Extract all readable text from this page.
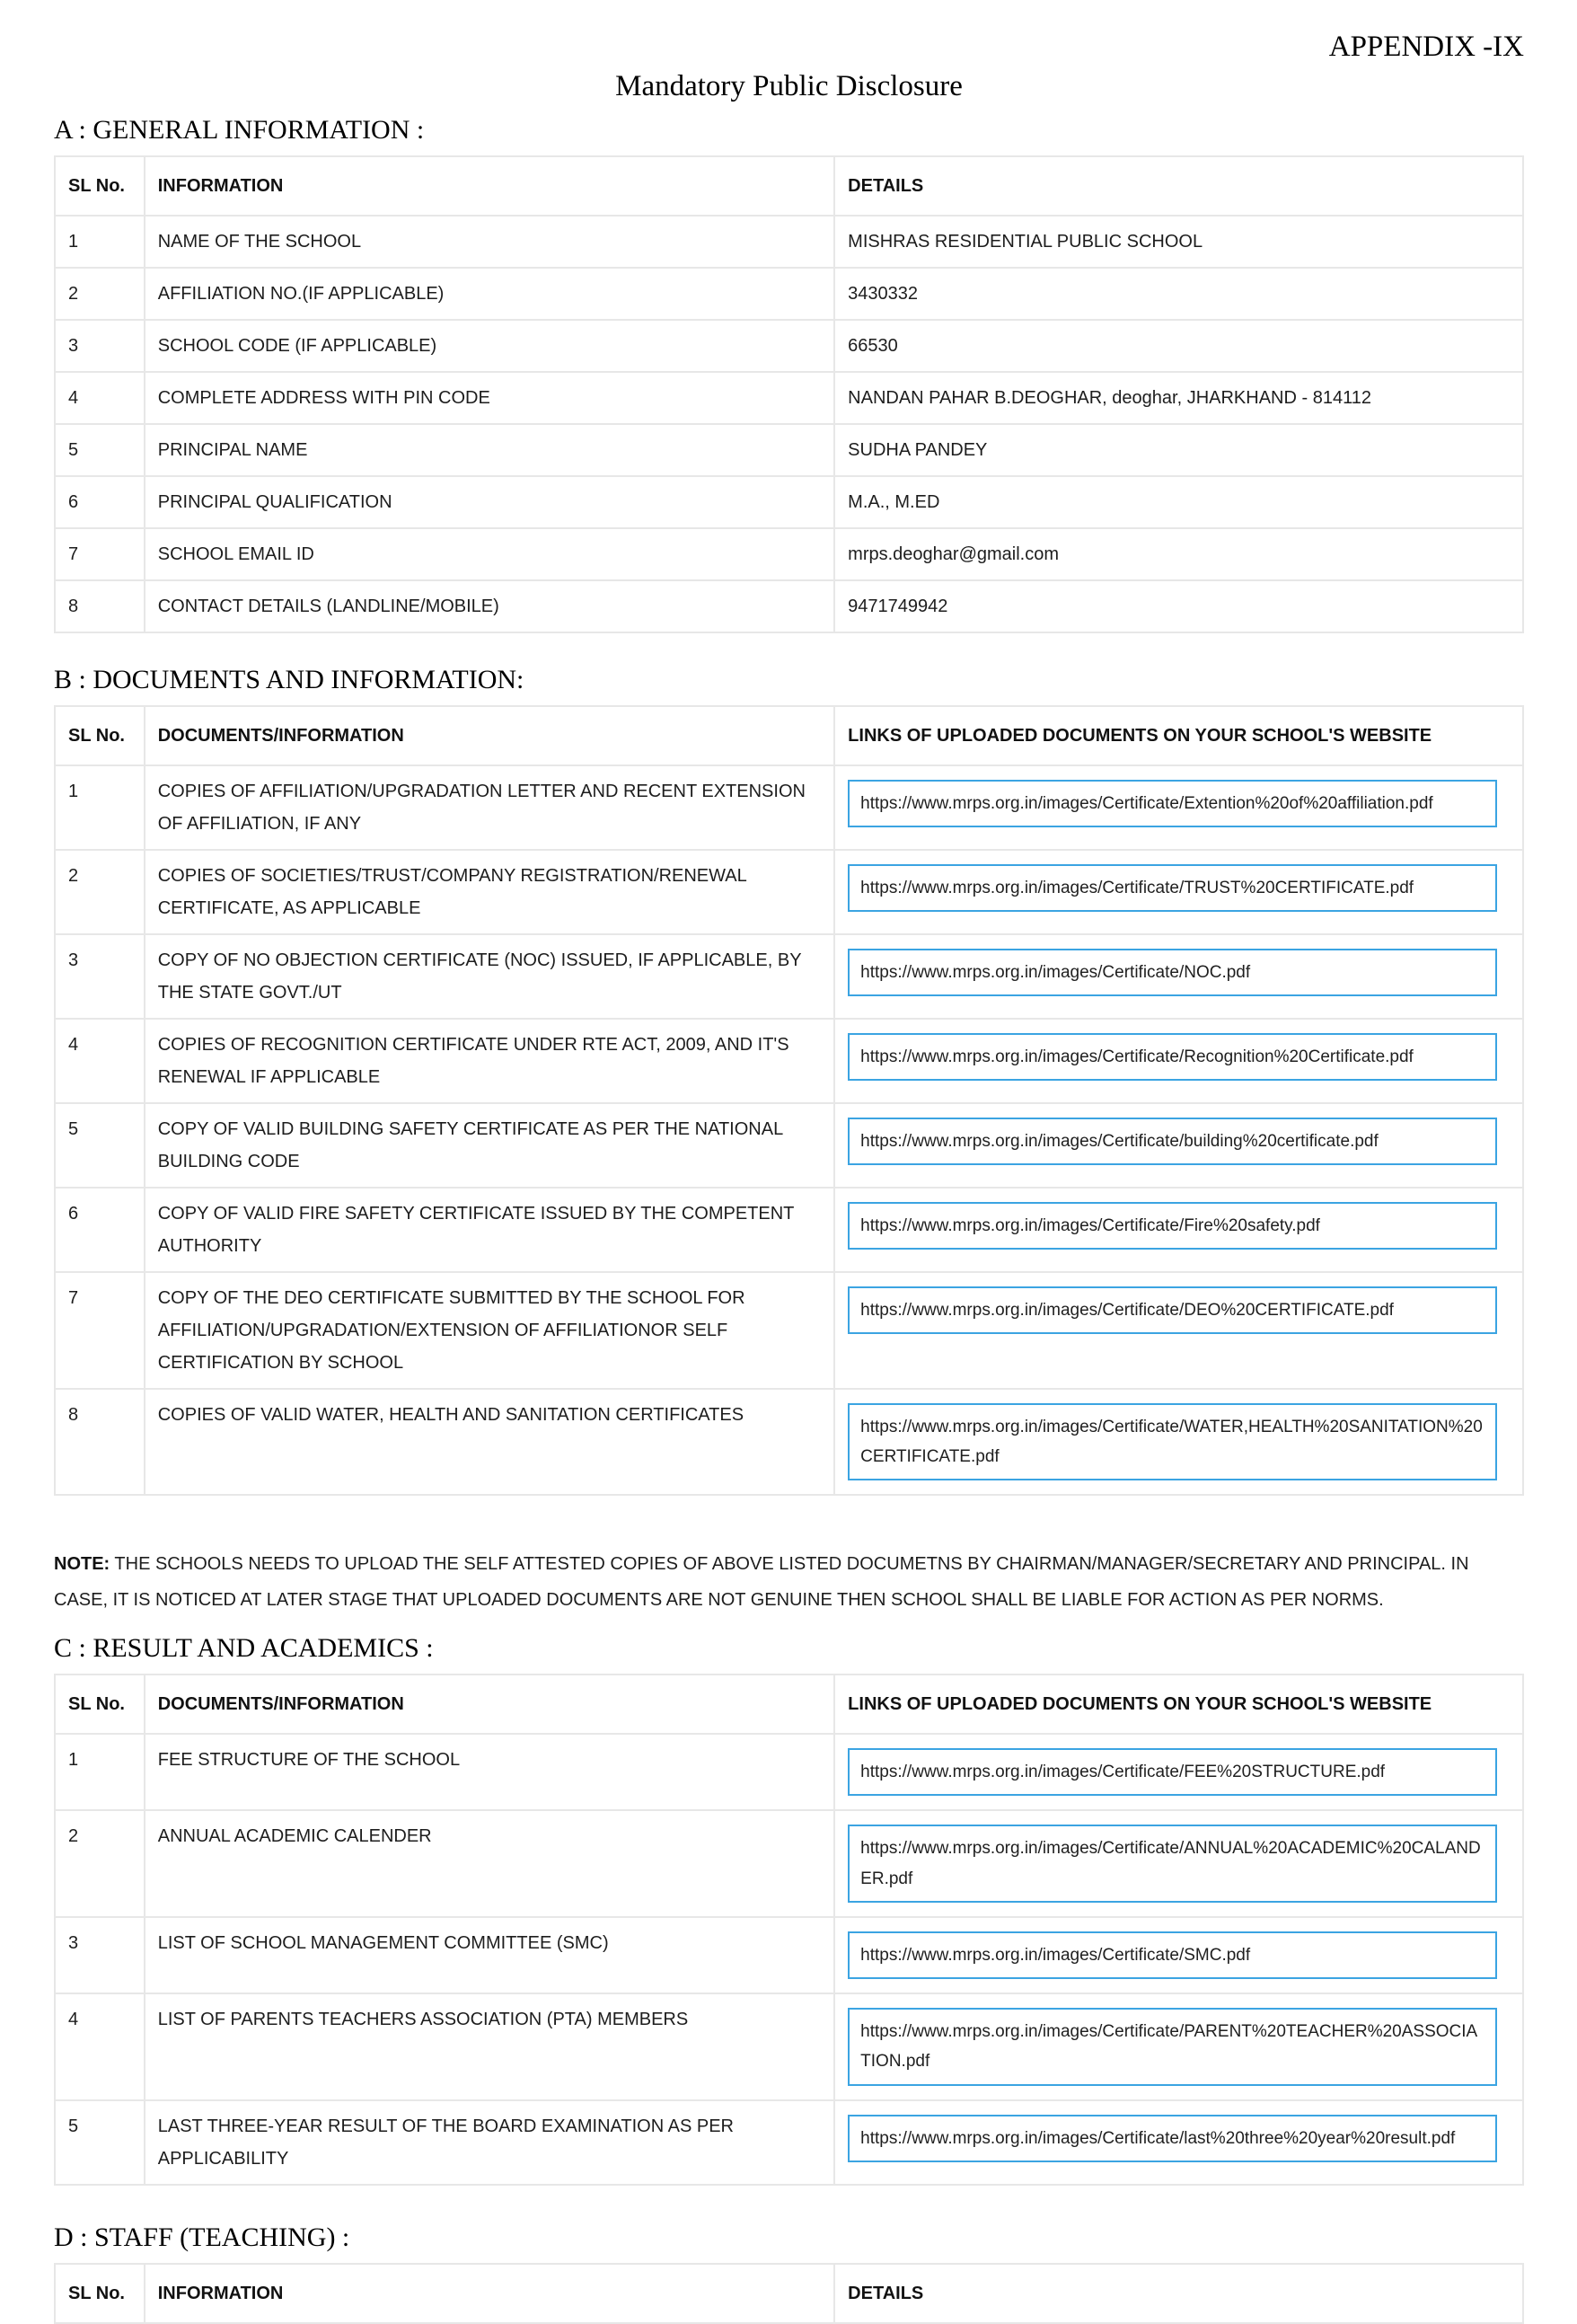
APPENDIX -IX
Mandatory Public Disclosure
A : GENERAL INFORMATION :
SL No.	INFORMATION	DETAILS
1	NAME OF THE SCHOOL	MISHRAS RESIDENTIAL PUBLIC SCHOOL
2	AFFILIATION NO.(IF APPLICABLE)	3430332
3	SCHOOL CODE (IF APPLICABLE)	66530
4	COMPLETE ADDRESS WITH PIN CODE	NANDAN PAHAR B.DEOGHAR, deoghar, JHARKHAND - 814112
5	PRINCIPAL NAME	SUDHA PANDEY
6	PRINCIPAL QUALIFICATION	M.A., M.ED
7	SCHOOL EMAIL ID	mrps.deoghar@gmail.com
8	CONTACT DETAILS (LANDLINE/MOBILE)	9471749942
B : DOCUMENTS AND INFORMATION:
SL No.	DOCUMENTS/INFORMATION	LINKS OF UPLOADED DOCUMENTS ON YOUR SCHOOL'S WEBSITE
1	COPIES OF AFFILIATION/UPGRADATION LETTER AND RECENT EXTENSION OF AFFILIATION, IF ANY	https://www.mrps.org.in/images/Certificate/Extention%20of%20affiliation.pdf

2	COPIES OF SOCIETIES/TRUST/COMPANY REGISTRATION/RENEWAL CERTIFICATE, AS APPLICABLE	https://www.mrps.org.in/images/Certificate/TRUST%20CERTIFICATE.pdf

3	COPY OF NO OBJECTION CERTIFICATE (NOC) ISSUED, IF APPLICABLE, BY THE STATE GOVT./UT	https://www.mrps.org.in/images/Certificate/NOC.pdf

4	COPIES OF RECOGNITION CERTIFICATE UNDER RTE ACT, 2009, AND IT'S RENEWAL IF APPLICABLE	https://www.mrps.org.in/images/Certificate/Recognition%20Certificate.pdf

5	COPY OF VALID BUILDING SAFETY CERTIFICATE AS PER THE NATIONAL BUILDING CODE	https://www.mrps.org.in/images/Certificate/building%20certificate.pdf

6	COPY OF VALID FIRE SAFETY CERTIFICATE ISSUED BY THE COMPETENT AUTHORITY	https://www.mrps.org.in/images/Certificate/Fire%20safety.pdf

7	COPY OF THE DEO CERTIFICATE SUBMITTED BY THE SCHOOL FOR AFFILIATION/UPGRADATION/EXTENSION OF AFFILIATIONOR SELF CERTIFICATION BY SCHOOL	https://www.mrps.org.in/images/Certificate/DEO%20CERTIFICATE.pdf

8	COPIES OF VALID WATER, HEALTH AND SANITATION CERTIFICATES	https://www.mrps.org.in/images/Certificate/WATER,HEALTH%20SANITATION%20CERTIFICATE.pdf
NOTE: THE SCHOOLS NEEDS TO UPLOAD THE SELF ATTESTED COPIES OF ABOVE LISTED DOCUMETNS BY CHAIRMAN/MANAGER/SECRETARY AND PRINCIPAL. IN CASE, IT IS NOTICED AT LATER STAGE THAT UPLOADED DOCUMENTS ARE NOT GENUINE THEN SCHOOL SHALL BE LIABLE FOR ACTION AS PER NORMS.
C : RESULT AND ACADEMICS :
SL No.	DOCUMENTS/INFORMATION	LINKS OF UPLOADED DOCUMENTS ON YOUR SCHOOL'S WEBSITE
1	FEE STRUCTURE OF THE SCHOOL	https://www.mrps.org.in/images/Certificate/FEE%20STRUCTURE.pdf

2	ANNUAL ACADEMIC CALENDER	https://www.mrps.org.in/images/Certificate/ANNUAL%20ACADEMIC%20CALANDER.pdf

3	LIST OF SCHOOL MANAGEMENT COMMITTEE (SMC)	https://www.mrps.org.in/images/Certificate/SMC.pdf

4	LIST OF PARENTS TEACHERS ASSOCIATION (PTA) MEMBERS	https://www.mrps.org.in/images/Certificate/PARENT%20TEACHER%20ASSOCIATION.pdf

5	LAST THREE-YEAR RESULT OF THE BOARD EXAMINATION AS PER APPLICABILITY	https://www.mrps.org.in/images/Certificate/last%20three%20year%20result.pdf
D : STAFF (TEACHING) :
SL No.	INFORMATION	DETAILS
